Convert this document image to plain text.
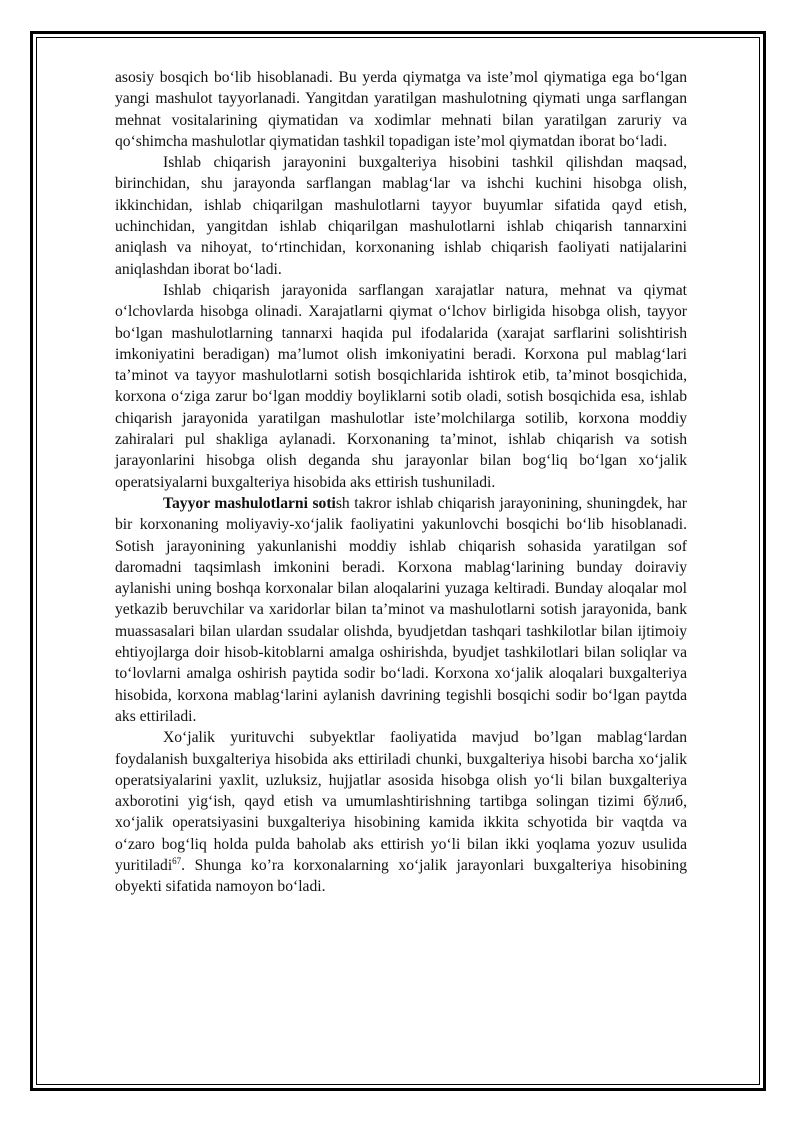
asosiy bosqich bo‘lib hisoblanadi. Bu yerda qiymatga va iste’mol qiymatiga ega bo‘lgan yangi mashulot tayyorlanadi. Yangitdan yaratilgan mashulotning qiymati unga sarflangan mehnat vositalarining qiymatidan va xodimlar mehnati bilan yaratilgan zaruriy va qo‘shimcha mashulotlar qiymatidan tashkil topadigan iste’mol qiymatdan iborat bo‘ladi.

Ishlab chiqarish jarayonini buxgalteriya hisobini tashkil qilishdan maqsad, birinchidan, shu jarayonda sarflangan mablag‘lar va ishchi kuchini hisobga olish, ikkinchidan, ishlab chiqarilgan mashulotlarni tayyor buyumlar sifatida qayd etish, uchinchidan, yangitdan ishlab chiqarilgan mashulotlarni ishlab chiqarish tannarxini aniqlash va nihoyat, to‘rtinchidan, korxonaning ishlab chiqarish faoliyati natijalarini aniqlashdan iborat bo‘ladi.

Ishlab chiqarish jarayonida sarflangan xarajatlar natura, mehnat va qiymat o‘lchovlarda hisobga olinadi. Xarajatlarni qiymat o‘lchov birligida hisobga olish, tayyor bo‘lgan mashulotlarning tannarxi haqida pul ifodalarida (xarajat sarflarini solishtirish imkoniyatini beradigan) ma’lumot olish imkoniyatini beradi. Korxona pul mablag‘lari ta’minot va tayyor mashulotlarni sotish bosqichlarida ishtirok etib, ta’minot bosqichida, korxona o‘ziga zarur bo‘lgan moddiy boyliklarni sotib oladi, sotish bosqichida esa, ishlab chiqarish jarayonida yaratilgan mashulotlar iste’molchilarga sotilib, korxona moddiy zahiralari pul shakliga aylanadi. Korxonaning ta’minot, ishlab chiqarish va sotish jarayonlarini hisobga olish deganda shu jarayonlar bilan bog‘liq bo‘lgan xo‘jalik operatsiyalarni buxgalteriya hisobida aks ettirish tushuniladi.

Tayyor mashulotlarni sotish takror ishlab chiqarish jarayonining, shuningdek, har bir korxonaning moliyaviy-xo‘jalik faoliyatini yakunlovchi bosqichi bo‘lib hisoblanadi. Sotish jarayonining yakunlanishi moddiy ishlab chiqarish sohasida yaratilgan sof daromadni taqsimlash imkonini beradi. Korxona mablag‘larining bunday doiraviy aylanishi uning boshqa korxonalar bilan aloqalarini yuzaga keltiradi. Bunday aloqalar mol yetkazib beruvchilar va xaridorlar bilan ta’minot va mashulotlarni sotish jarayonida, bank muassasalari bilan ulardan ssudalar olishda, byudjetdan tashqari tashkilotlar bilan ijtimoiy ehtiyojlarga doir hisob-kitoblarni amalga oshirishda, byudjet tashkilotlari bilan soliqlar va to‘lovlarni amalga oshirish paytida sodir bo‘ladi. Korxona xo‘jalik aloqalari buxgalteriya hisobida, korxona mablag‘larini aylanish davrining tegishli bosqichi sodir bo‘lgan paytda aks ettiriladi.

Xo‘jalik yurituvchi subyektlar faoliyatida mavjud bo’lgan mablag‘lardan foydalanish buxgalteriya hisobida aks ettiriladi chunki, buxgalteriya hisobi barcha xo‘jalik operatsiyalarini yaxlit, uzluksiz, hujjatlar asosida hisobga olish yo‘li bilan buxgalteriya axborotini yig‘ish, qayd etish va umumlashtirishning tartibga solingan tizimi бўлиб, xo‘jalik operatsiyasini buxgalteriya hisobining kamida ikkita schyotida bir vaqtda va o‘zaro bog‘liq holda pulda baholab aks ettirish yo‘li bilan ikki yoqlama yozuv usulida yuritiladi$^{67}$. Shunga ko’ra korxonalarning xo‘jalik jarayonlari buxgalteriya hisobining obyekti sifatida namoyon bo‘ladi.
